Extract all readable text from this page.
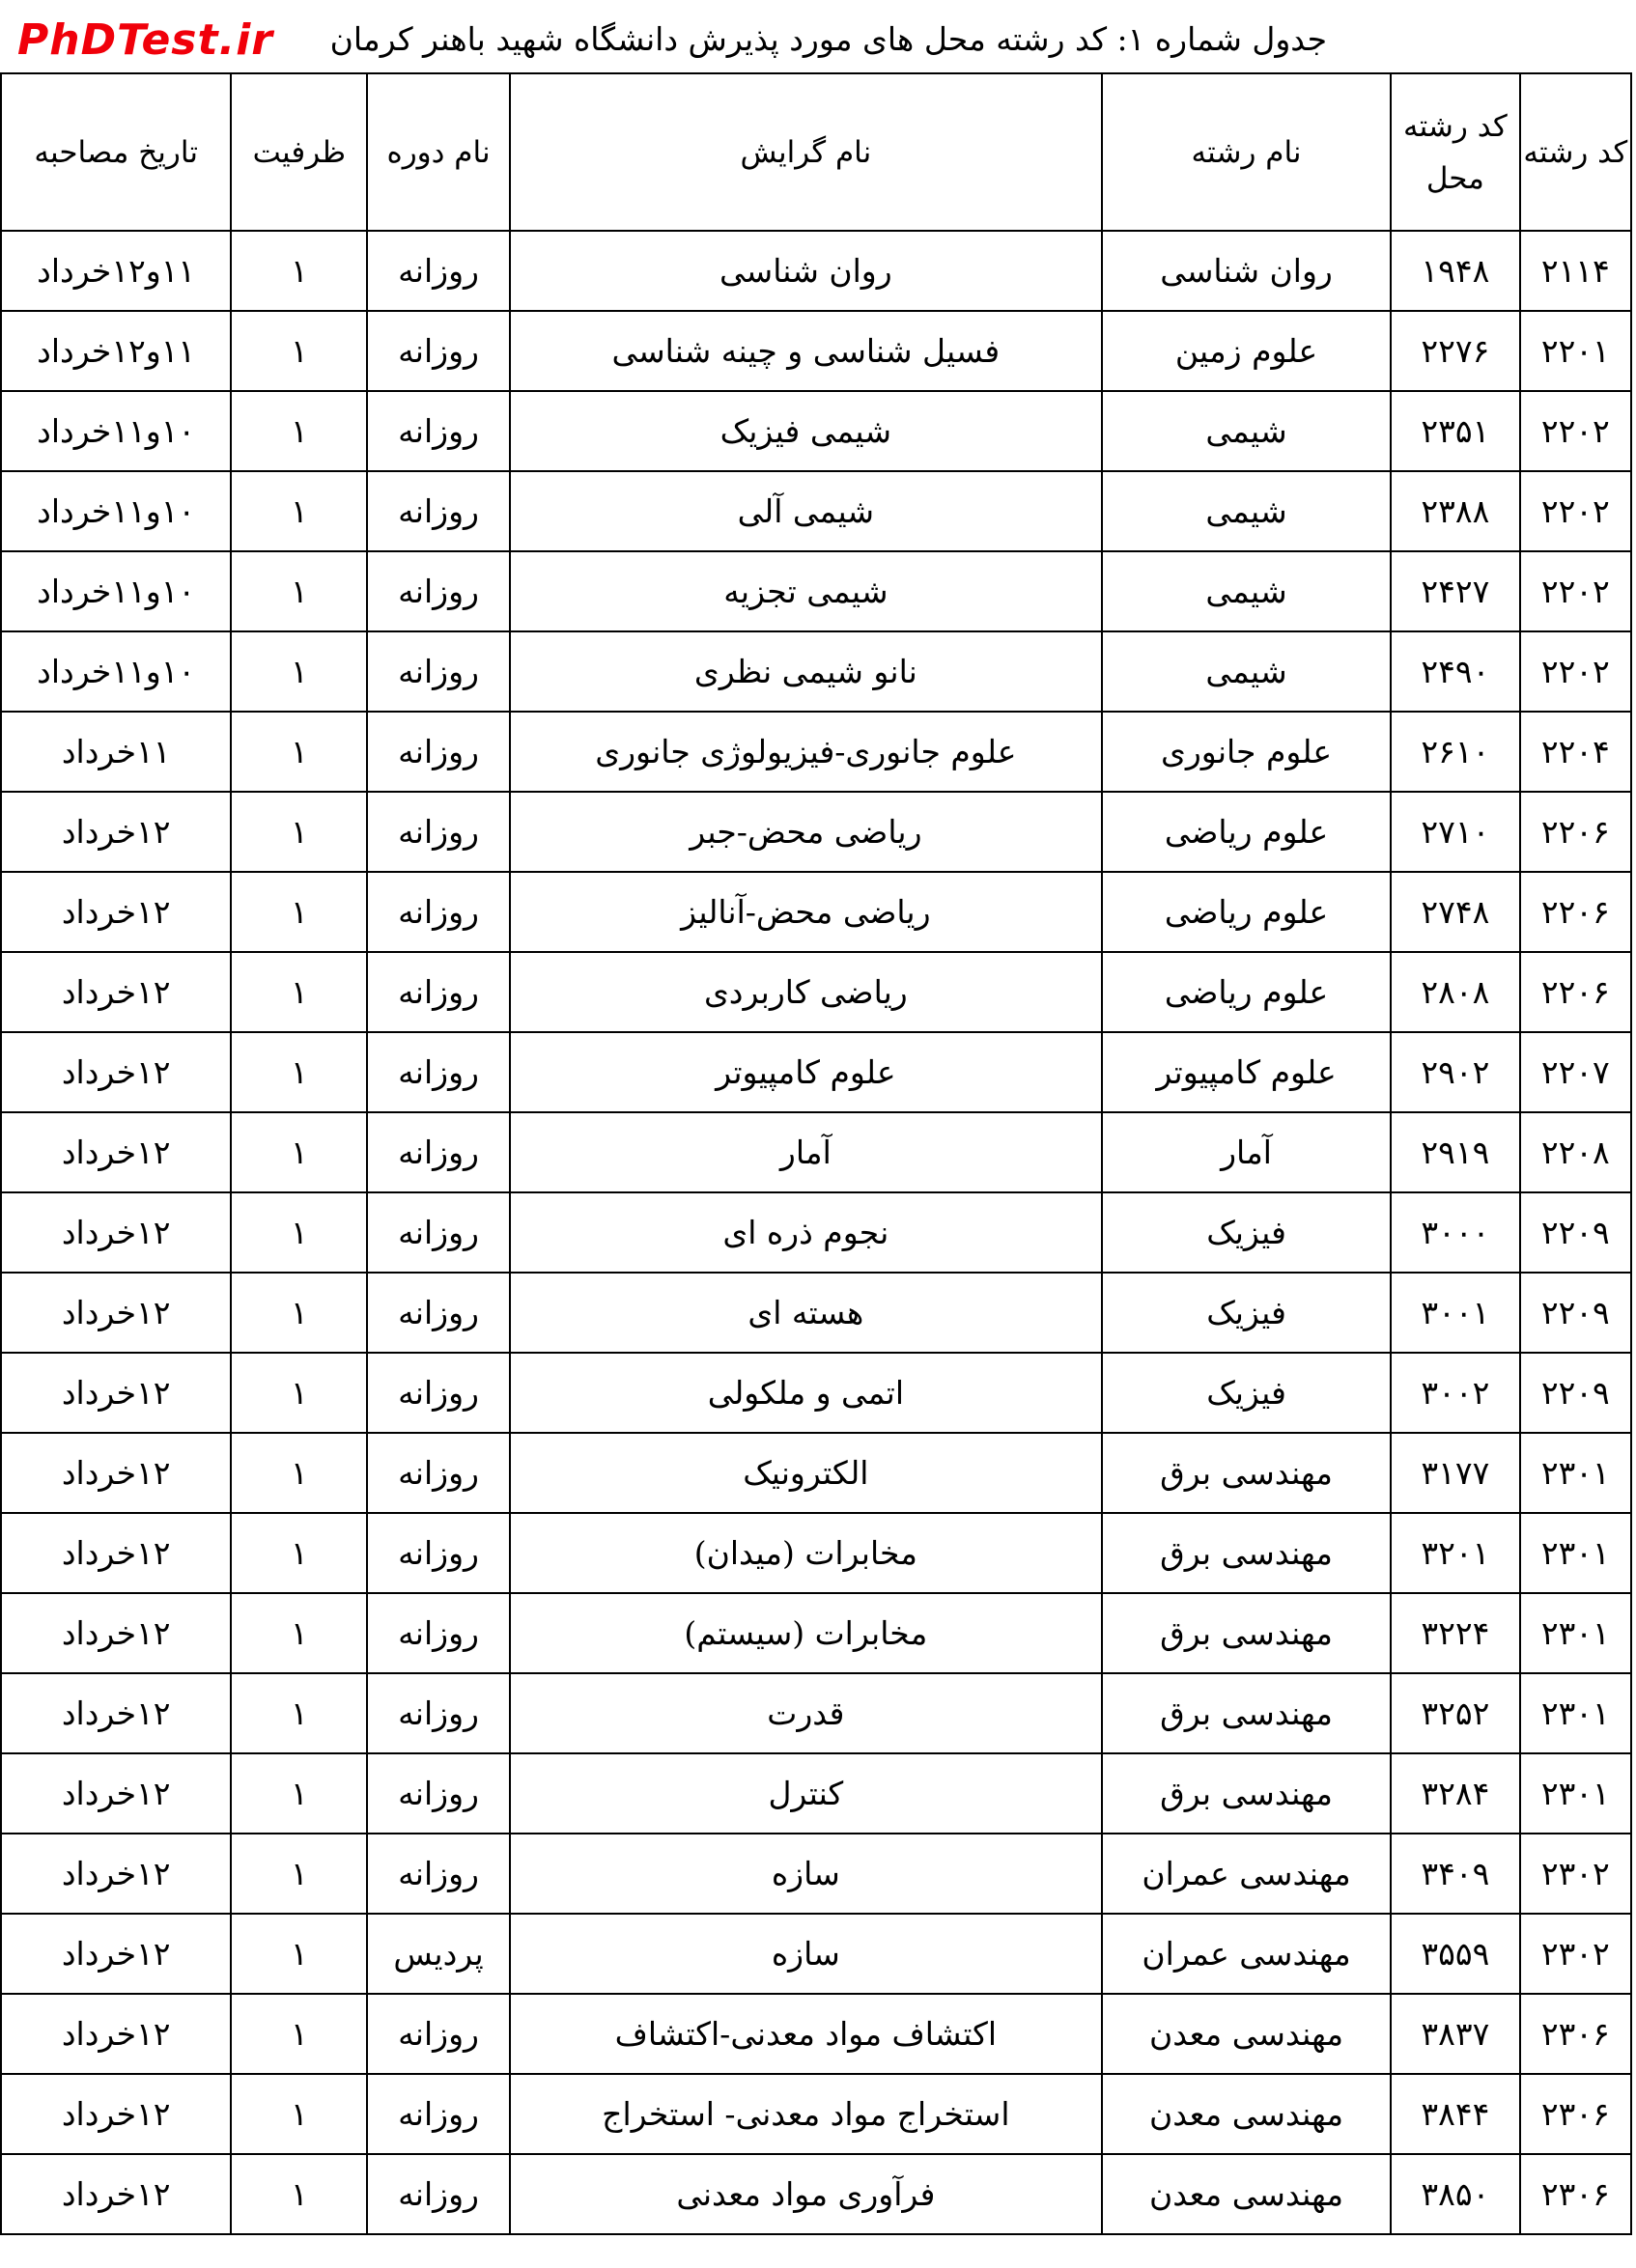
PhDTest.ir جدول شماره ۱: کد رشته محل های مورد پذیرش دانشگاه شهید باهنر کرمان
کد رشته	کد رشته محل	نام رشته	نام گرایش	نام دوره	ظرفیت	تاریخ مصاحبه
۲۱۱۴	۱۹۴۸	روان شناسی	روان شناسی	روزانه	۱	۱۱و۱۲خرداد
۲۲۰۱	۲۲۷۶	علوم زمین	فسیل شناسی و چینه شناسی	روزانه	۱	۱۱و۱۲خرداد
۲۲۰۲	۲۳۵۱	شیمی	شیمی فیزیک	روزانه	۱	۱۰و۱۱خرداد
۲۲۰۲	۲۳۸۸	شیمی	شیمی آلی	روزانه	۱	۱۰و۱۱خرداد
۲۲۰۲	۲۴۲۷	شیمی	شیمی تجزیه	روزانه	۱	۱۰و۱۱خرداد
۲۲۰۲	۲۴۹۰	شیمی	نانو شیمی نظری	روزانه	۱	۱۰و۱۱خرداد
۲۲۰۴	۲۶۱۰	علوم جانوری	علوم جانوری-فیزیولوژی جانوری	روزانه	۱	۱۱خرداد
۲۲۰۶	۲۷۱۰	علوم ریاضی	ریاضی محض-جبر	روزانه	۱	۱۲خرداد
۲۲۰۶	۲۷۴۸	علوم ریاضی	ریاضی محض-آنالیز	روزانه	۱	۱۲خرداد
۲۲۰۶	۲۸۰۸	علوم ریاضی	ریاضی کاربردی	روزانه	۱	۱۲خرداد
۲۲۰۷	۲۹۰۲	علوم کامپیوتر	علوم کامپیوتر	روزانه	۱	۱۲خرداد
۲۲۰۸	۲۹۱۹	آمار	آمار	روزانه	۱	۱۲خرداد
۲۲۰۹	۳۰۰۰	فیزیک	نجوم ذره ای	روزانه	۱	۱۲خرداد
۲۲۰۹	۳۰۰۱	فیزیک	هسته ای	روزانه	۱	۱۲خرداد
۲۲۰۹	۳۰۰۲	فیزیک	اتمی و ملکولی	روزانه	۱	۱۲خرداد
۲۳۰۱	۳۱۷۷	مهندسی برق	الکترونیک	روزانه	۱	۱۲خرداد
۲۳۰۱	۳۲۰۱	مهندسی برق	مخابرات (میدان)	روزانه	۱	۱۲خرداد
۲۳۰۱	۳۲۲۴	مهندسی برق	مخابرات (سیستم)	روزانه	۱	۱۲خرداد
۲۳۰۱	۳۲۵۲	مهندسی برق	قدرت	روزانه	۱	۱۲خرداد
۲۳۰۱	۳۲۸۴	مهندسی برق	کنترل	روزانه	۱	۱۲خرداد
۲۳۰۲	۳۴۰۹	مهندسی عمران	سازه	روزانه	۱	۱۲خرداد
۲۳۰۲	۳۵۵۹	مهندسی عمران	سازه	پردیس	۱	۱۲خرداد
۲۳۰۶	۳۸۳۷	مهندسی معدن	اکتشاف مواد معدنی-اکتشاف	روزانه	۱	۱۲خرداد
۲۳۰۶	۳۸۴۴	مهندسی معدن	استخراج مواد معدنی- استخراج	روزانه	۱	۱۲خرداد
۲۳۰۶	۳۸۵۰	مهندسی معدن	فرآوری مواد معدنی	روزانه	۱	۱۲خرداد
